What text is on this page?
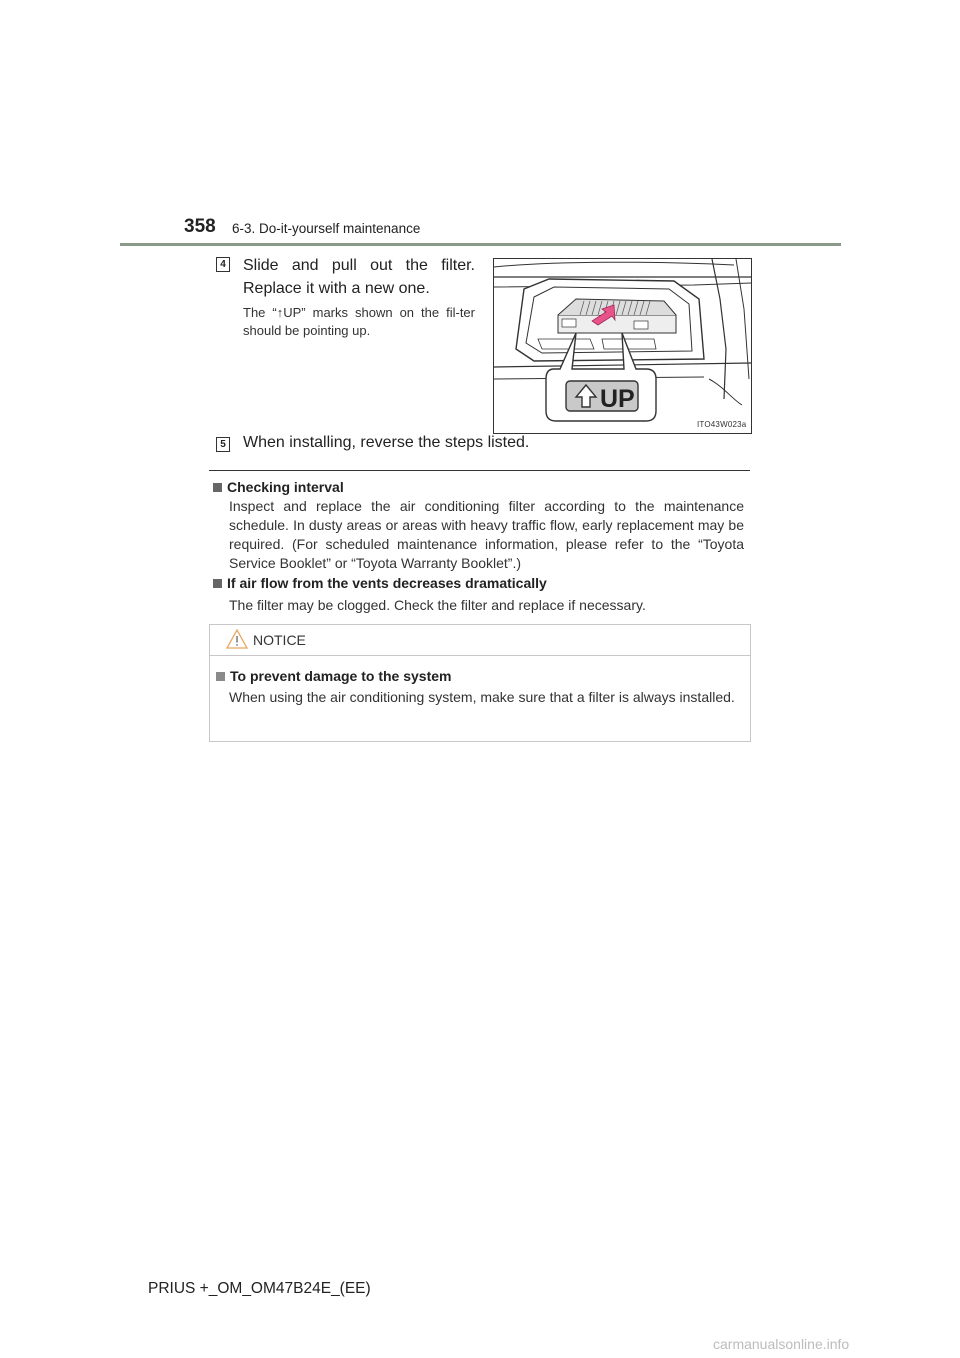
358 6-3. Do-it-yourself maintenance
4 Slide and pull out the filter. Replace it with a new one.
The “↑UP” marks shown on the fil-ter should be pointing up.
UP
ITO43W023a
5 When installing, reverse the steps listed.
Checking interval
Inspect and replace the air conditioning filter according to the maintenance schedule. In dusty areas or areas with heavy traffic flow, early replacement may be required. (For scheduled maintenance information, please refer to the “Toyota Service Booklet” or “Toyota Warranty Booklet”.)
If air flow from the vents decreases dramatically
The filter may be clogged. Check the filter and replace if necessary.
NOTICE
To prevent damage to the system
When using the air conditioning system, make sure that a filter is always installed.
PRIUS +_OM_OM47B24E_(EE)
carmanualsonline.info
